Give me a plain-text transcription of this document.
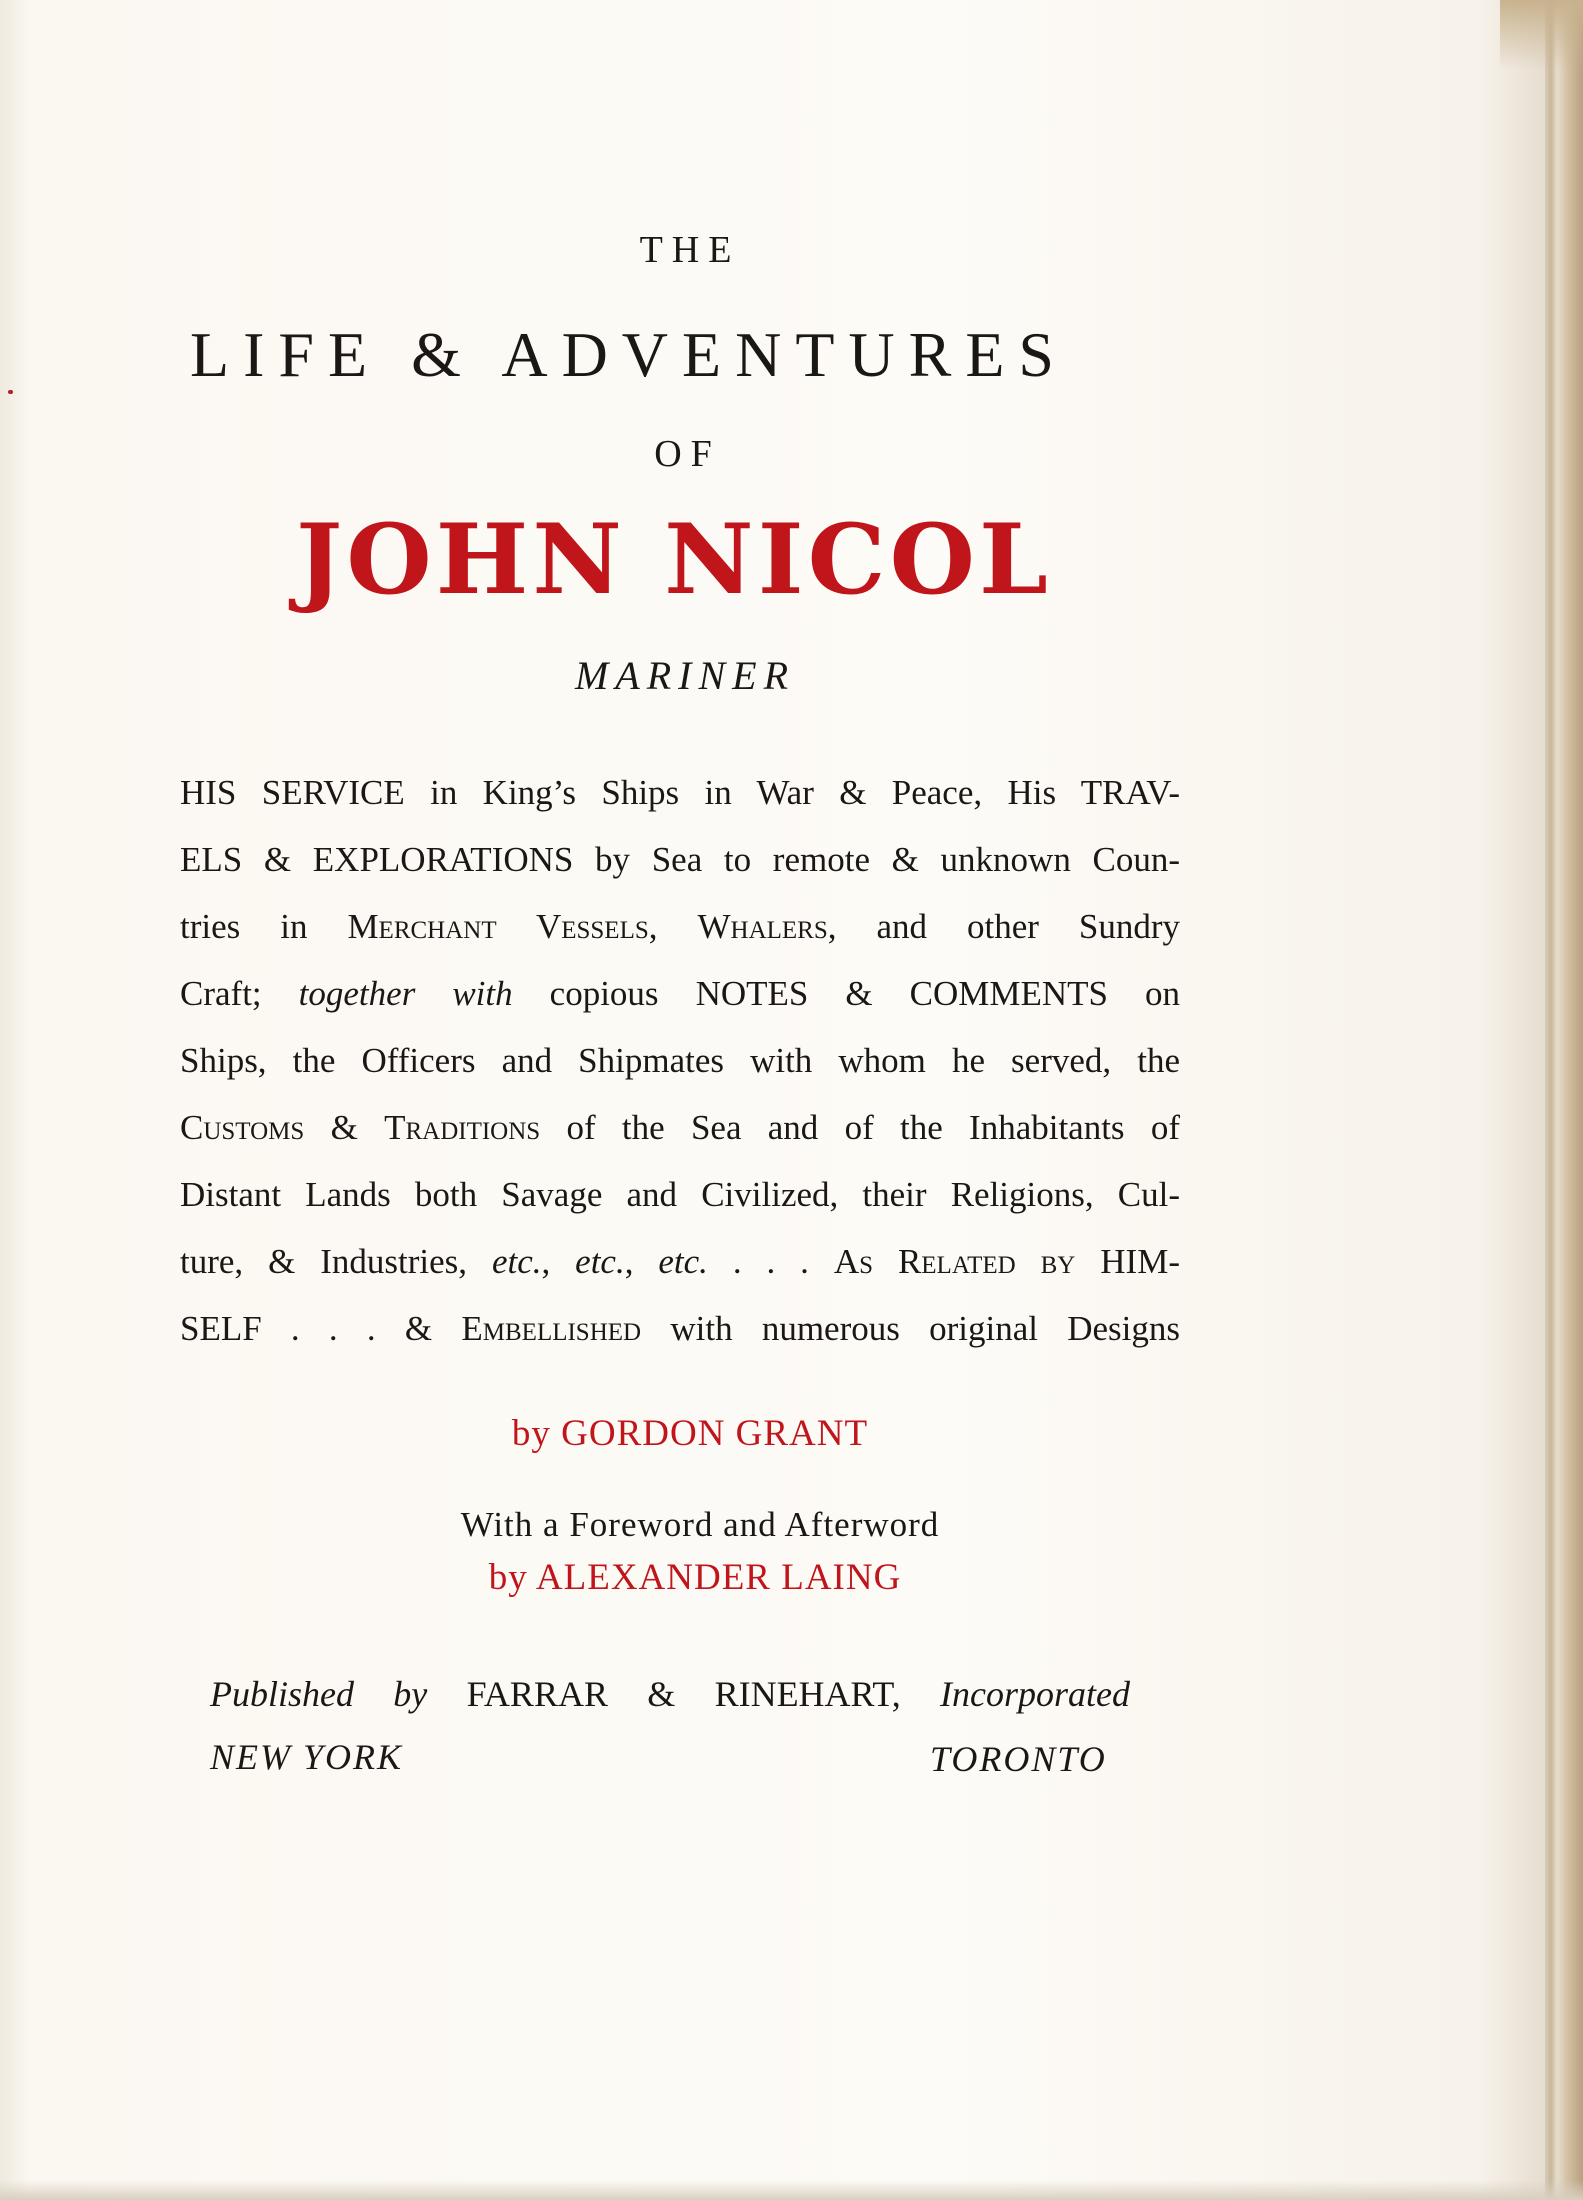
THE
LIFE & ADVENTURES
OF
JOHN NICOL
MARINER
HIS SERVICE in King’s Ships in War & Peace, His TRAV-
ELS & EXPLORATIONS by Sea to remote & unknown Coun-
tries in Merchant Vessels, Whalers, and other Sundry
Craft; together with copious NOTES & COMMENTS on
Ships, the Officers and Shipmates with whom he served, the
Customs & Traditions of the Sea and of the Inhabitants of
Distant Lands both Savage and Civilized, their Religions, Cul-
ture, & Industries, etc., etc., etc. . . . As Related by HIM-
SELF . . . & Embellished with numerous original Designs
by GORDON GRANT
With a Foreword and Afterword
by ALEXANDER LAING
Published by FARRAR & RINEHART, Incorporated
NEW YORK	TORONTO
